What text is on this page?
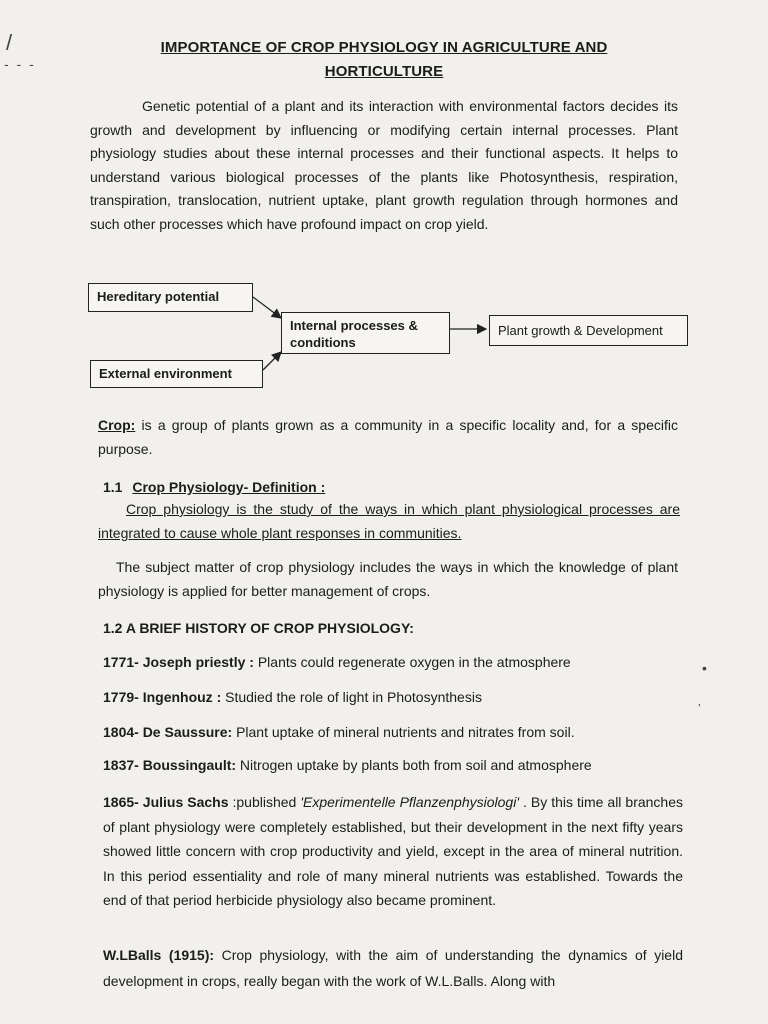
/
- - -
IMPORTANCE OF CROP PHYSIOLOGY IN AGRICULTURE AND
HORTICULTURE

Genetic potential of a plant and its interaction with environmental factors decides its growth and development by influencing or modifying certain internal processes. Plant physiology studies about these internal processes and their functional aspects. It helps to understand various biological processes of the plants like Photosynthesis, respiration, transpiration, translocation, nutrient uptake, plant growth regulation through hormones and such other processes which have profound impact on crop yield.

Hereditary potential
External environment
Internal processes & conditions
Plant growth & Development

Crop: is a group of plants grown as a community in a specific locality and, for a specific purpose.

1.1 Crop Physiology- Definition :

Crop physiology is the study of the ways in which plant physiological processes are integrated to cause whole plant responses in communities.

The subject matter of crop physiology includes the ways in which the knowledge of plant physiology is applied for better management of crops.

1.2 A BRIEF HISTORY OF CROP PHYSIOLOGY:
1771- Joseph priestly : Plants could regenerate oxygen in the atmosphere
1779- Ingenhouz : Studied the role of light in Photosynthesis
1804- De Saussure: Plant uptake of mineral nutrients and nitrates from soil.
1837- Boussingault: Nitrogen uptake by plants both from soil and atmosphere

1865- Julius Sachs :published 'Experimentelle Pflanzenphysiologi' . By this time all branches of plant physiology were completely established, but their development in the next fifty years showed little concern with crop productivity and yield, except in the area of mineral nutrition. In this period essentiality and role of many mineral nutrients was established. Towards the end of that period herbicide physiology also became prominent.

W.LBalls (1915): Crop physiology, with the aim of understanding the dynamics of yield development in crops, really began with the work of W.L.Balls. Along with

•
‚
